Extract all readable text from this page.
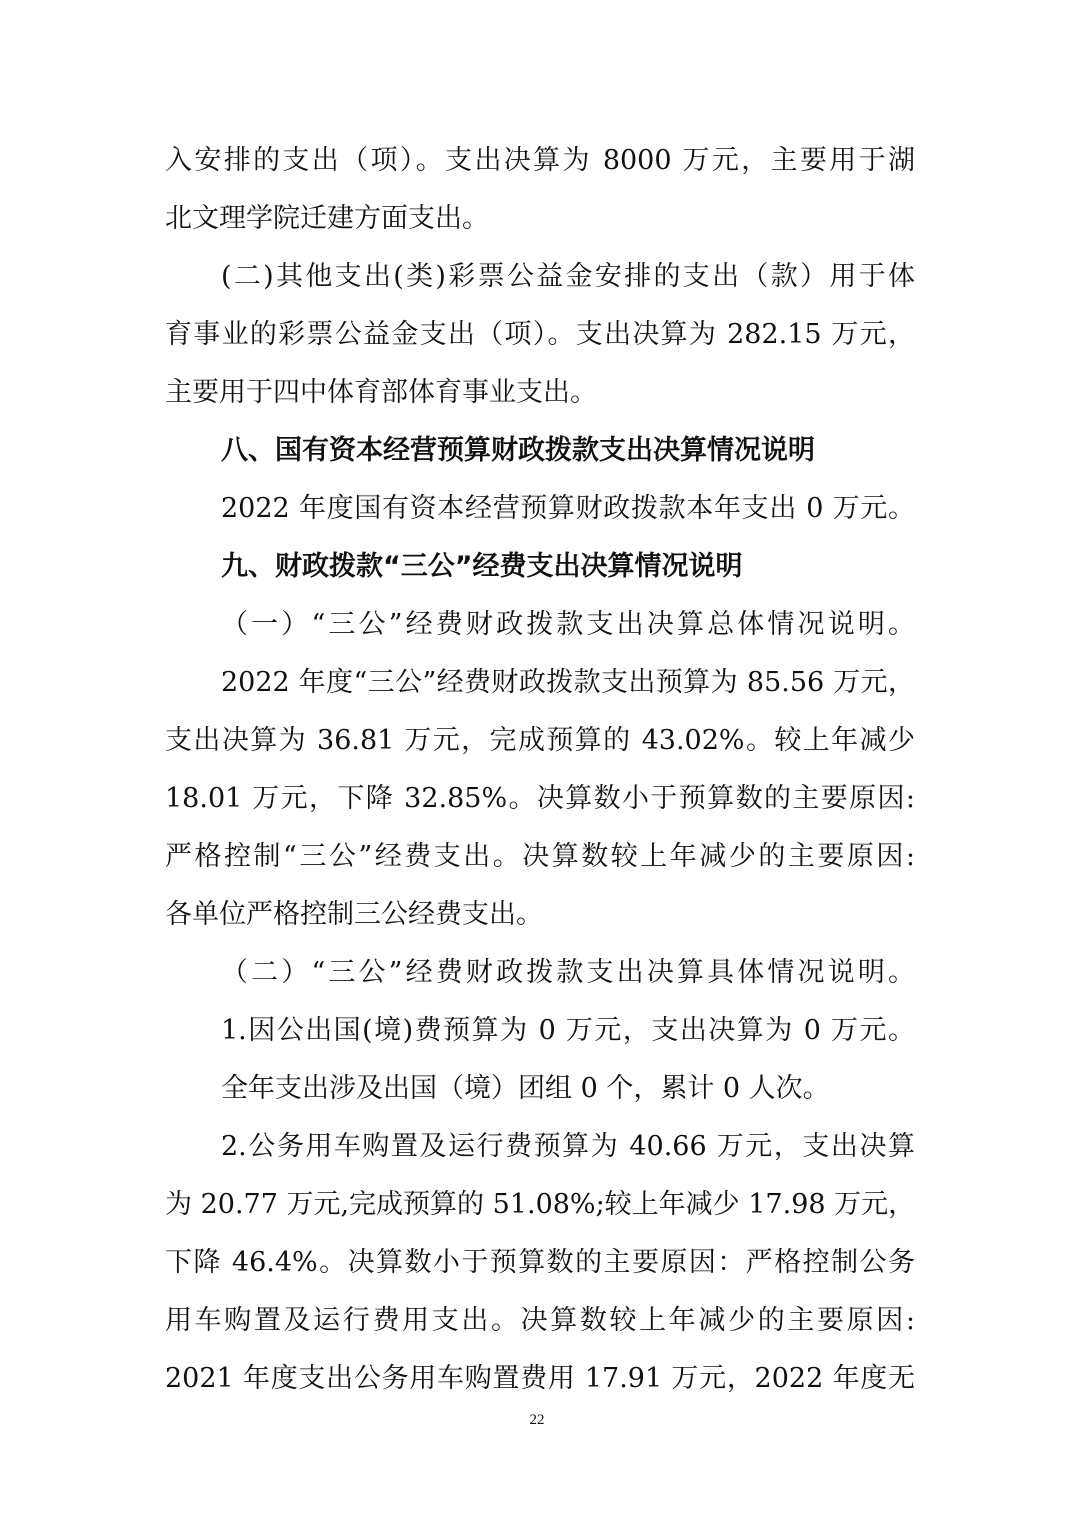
入安排的支出（项）。支出决算为 8000 万元，主要用于湖
北文理学院迁建方面支出。
(二)其他支出(类)彩票公益金安排的支出（款）用于体
育事业的彩票公益金支出（项）。支出决算为 282.15 万元，
主要用于四中体育部体育事业支出。
八、国有资本经营预算财政拨款支出决算情况说明
2022 年度国有资本经营预算财政拨款本年支出 0 万元。
九、财政拨款“三公”经费支出决算情况说明
（一）“三公”经费财政拨款支出决算总体情况说明。
2022 年度“三公”经费财政拨款支出预算为 85.56 万元，
支出决算为 36.81 万元，完成预算的 43.02%。较上年减少
18.01 万元，下降 32.85%。决算数小于预算数的主要原因:
严格控制“三公”经费支出。决算数较上年减少的主要原因:
各单位严格控制三公经费支出。
（二）“三公”经费财政拨款支出决算具体情况说明。
1.因公出国(境)费预算为 0 万元，支出决算为 0 万元。
全年支出涉及出国（境）团组 0 个，累计 0 人次。
2.公务用车购置及运行费预算为 40.66 万元，支出决算
为 20.77 万元,完成预算的 51.08%;较上年减少 17.98 万元，
下降 46.4%。决算数小于预算数的主要原因：严格控制公务
用车购置及运行费用支出。决算数较上年减少的主要原因:
2021 年度支出公务用车购置费用 17.91 万元，2022 年度无
22
